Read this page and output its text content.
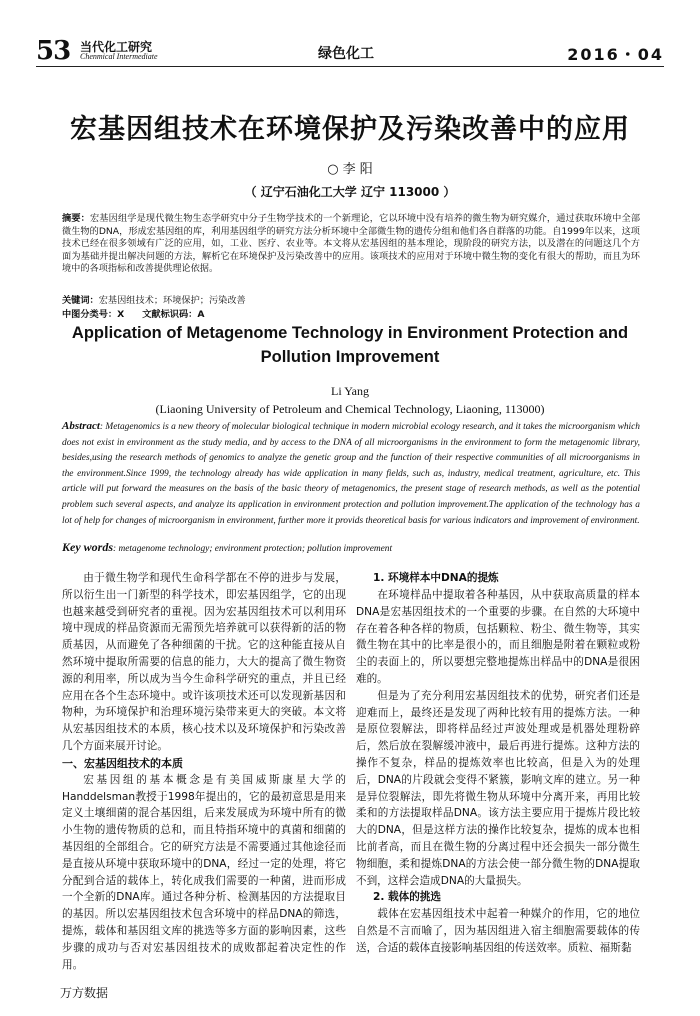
53 当代化工研究
Chenmical Intermediate	绿色化工	2016・04
宏基因组技术在环境保护及污染改善中的应用
○ 李 阳
（ 辽宁石油化工大学 辽宁 113000 ）
摘要：宏基因组学是现代微生物生态学研究中分子生物学技术的一个新理论，它以环境中没有培养的微生物为研究媒介，通过获取环境中全部微生物的DNA，形成宏基因组的库，利用基因组学的研究方法分析环境中全部微生物的遗传分组和他们各自群落的功能。自1999年以来，这项技术已经在很多领域有广泛的应用，如，工业、医疗、农业等。本文将从宏基因组的基本理论，现阶段的研究方法，以及潜在的问题这几个方面为基础并提出解决问题的方法，解析它在环境保护及污染改善中的应用。该项技术的应用对于环境中微生物的变化有很大的帮助，而且为环境中的各项指标和改善提供理论依据。
关键词：宏基因组技术；环境保护；污染改善
中图分类号：X 文献标识码：A
Application of Metagenome Technology in Environment Protection and Pollution Improvement
Li Yang
(Liaoning University of Petroleum and Chemical Technology, Liaoning, 113000)
Abstract: Metagenomics is a new theory of molecular biological technique in modern microbial ecology research, and it takes the microorganism which does not exist in environment as the study media, and by access to the DNA of all microorganisms in the environment to form the metagenomic library, besides,using the research methods of genomics to analyze the genetic group and the function of their respective communities of all microorganisms in the environment.Since 1999, the technology already has wide application in many fields, such as, industry, medical treatment, agriculture, etc. This article will put forward the measures on the basis of the basic theory of metagenomics, the present stage of research methods, as well as the potential problem such several aspects, and analyze its application in environment protection and pollution improvement.The application of the technology has a lot of help for changes of microorganism in environment, further more it provids theoretical basis for various indicators and improvement of environment.
Key words: metagenome technology; environment protection; pollution improvement

由于微生物学和现代生命科学都在不停的进步与发展，所以衍生出一门新型的科学技术，即宏基因组学，它的出现也越来越受到研究者的重视。因为宏基因组技术可以利用环境中现成的样品资源而无需预先培养就可以获得新的活的物质基因，从而避免了各种细菌的干扰。它的这种能直接从自然环境中提取所需要的信息的能力，大大的提高了微生物资源的利用率，所以成为当今生命科学研究的重点，并且已经应用在各个生态环境中。或许该项技术还可以发现新基因和物种，为环境保护和治理环境污染带来更大的突破。本文将从宏基因组技术的本质，核心技术以及环境保护和污染改善几个方面来展开讨论。

一、宏基因组技术的本质

宏基因组的基本概念是有美国威斯康星大学的Handdelsman教授于1998年提出的，它的最初意思是用来定义土壤细菌的混合基因组，后来发展成为环境中所有的微小生物的遗传物质的总和，而且特指环境中的真菌和细菌的基因组的全部组合。它的研究方法是不需要通过其他途径而是直接从环境中获取环境中的DNA，经过一定的处理，将它分配到合适的载体上，转化成我们需要的一种菌，进而形成一个全新的DNA库。通过各种分析、检测基因的方法提取目的基因。所以宏基因组技术包含环境中的样品DNA的筛选，提炼，载体和基因组文库的挑选等多方面的影响因素，这些步骤的成功与否对宏基因组技术的成败都起着决定性的作用。

1. 环境样本中DNA的提炼

在环境样品中提取着各种基因，从中获取高质量的样本DNA是宏基因组技术的一个重要的步骤。在自然的大环境中存在着各种各样的物质，包括颗粒、粉尘、微生物等，其实微生物在其中的比率是很小的，而且细胞是附着在颗粒或粉尘的表面上的，所以要想完整地提炼出样品中的DNA是很困难的。

但是为了充分利用宏基因组技术的优势，研究者们还是迎难而上，最终还是发现了两种比较有用的提炼方法。一种是原位裂解法，即将样品经过声波处理或是机器处理粉碎后，然后放在裂解缓冲液中，最后再进行提炼。这种方法的操作不复杂，样品的提炼效率也比较高，但是入为的处理后，DNA的片段就会变得不紧簇，影响文库的建立。另一种是异位裂解法，即先将微生物从环境中分离开来，再用比较柔和的方法提取样品DNA。该方法主要应用于提炼片段比较大的DNA，但是这样方法的操作比较复杂，提炼的成本也相比前者高，而且在微生物的分离过程中还会损失一部分微生物细胞，柔和提炼DNA的方法会使一部分微生物的DNA提取不到，这样会造成DNA的大量损失。

2. 载体的挑选

载体在宏基因组技术中起着一种媒介的作用，它的地位自然是不言而喻了，因为基因组进入宿主细胞需要载体的传送，合适的载体直接影响基因组的传送效率。质粒、福斯黏

万方数据
